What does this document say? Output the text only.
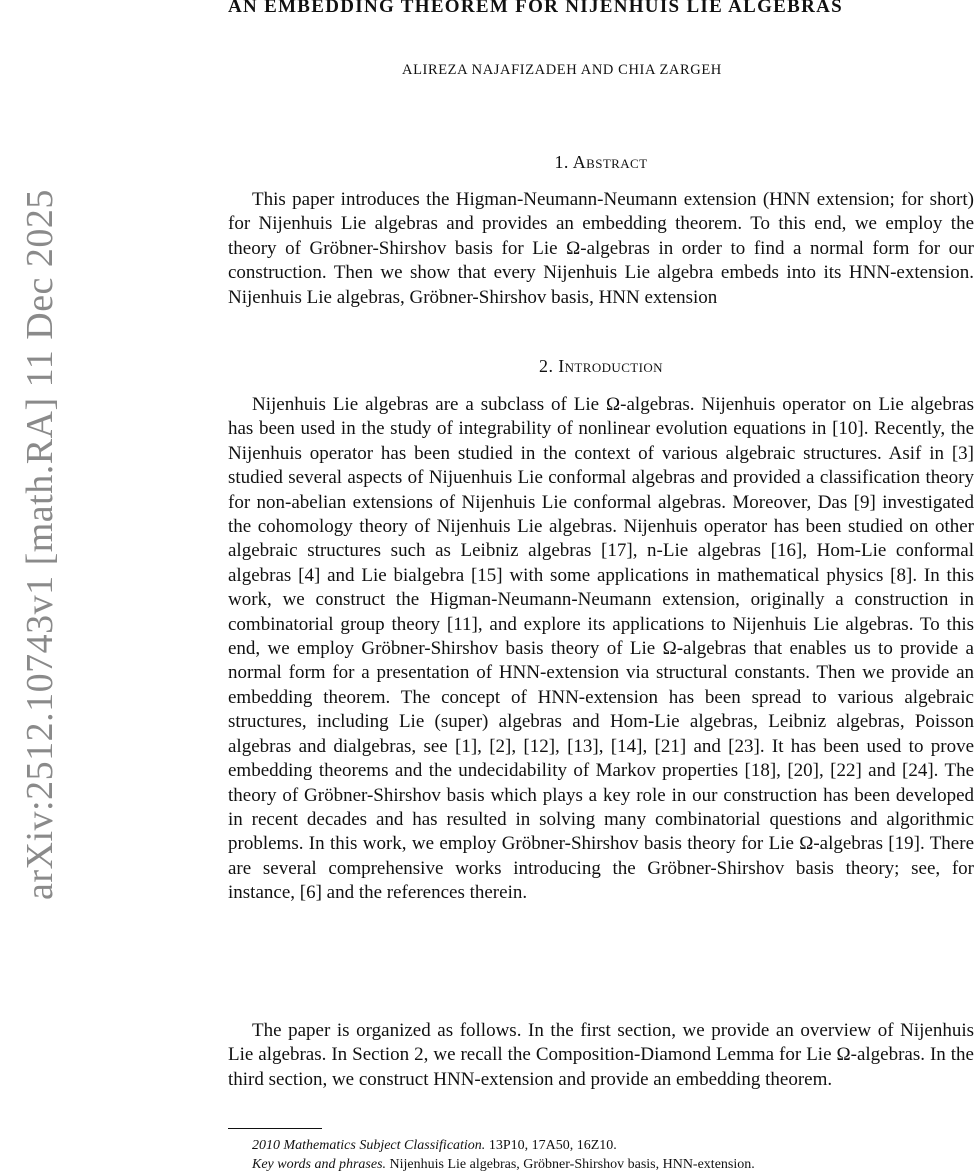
arXiv:2512.10743v1 [math.RA] 11 Dec 2025
AN EMBEDDING THEOREM FOR NIJENHUIS LIE ALGEBRAS
ALIREZA NAJAFIZADEH AND CHIA ZARGEH
1. Abstract

This paper introduces the Higman-Neumann-Neumann extension (HNN extension; for short) for Nijenhuis Lie algebras and provides an embedding theorem. To this end, we employ the theory of Gröbner-Shirshov basis for Lie Ω-algebras in order to find a normal form for our construction. Then we show that every Nijenhuis Lie algebra embeds into its HNN-extension. Nijenhuis Lie algebras, Gröbner-Shirshov basis, HNN extension

2. Introduction

Nijenhuis Lie algebras are a subclass of Lie Ω-algebras. Nijenhuis operator on Lie algebras has been used in the study of integrability of nonlinear evolution equations in [10]. Recently, the Nijenhuis operator has been studied in the context of various algebraic structures. Asif in [3] studied several aspects of Nijuenhuis Lie conformal algebras and provided a classification theory for non-abelian extensions of Nijenhuis Lie conformal algebras. Moreover, Das [9] investigated the cohomology theory of Nijenhuis Lie algebras. Nijenhuis operator has been studied on other algebraic structures such as Leibniz algebras [17], n-Lie algebras [16], Hom-Lie conformal algebras [4] and Lie bialgebra [15] with some applications in mathematical physics [8]. In this work, we construct the Higman-Neumann-Neumann extension, originally a construction in combinatorial group theory [11], and explore its applications to Nijenhuis Lie algebras. To this end, we employ Gröbner-Shirshov basis theory of Lie Ω-algebras that enables us to provide a normal form for a presentation of HNN-extension via structural constants. Then we provide an embedding theorem. The concept of HNN-extension has been spread to various algebraic structures, including Lie (super) algebras and Hom-Lie algebras, Leibniz algebras, Poisson algebras and dialgebras, see [1], [2], [12], [13], [14], [21] and [23]. It has been used to prove embedding theorems and the undecidability of Markov properties [18], [20], [22] and [24]. The theory of Gröbner-Shirshov basis which plays a key role in our construction has been developed in recent decades and has resulted in solving many combinatorial questions and algorithmic problems. In this work, we employ Gröbner-Shirshov basis theory for Lie Ω-algebras [19]. There are several comprehensive works introducing the Gröbner-Shirshov basis theory; see, for instance, [6] and the references therein.

The paper is organized as follows. In the first section, we provide an overview of Nijenhuis Lie algebras. In Section 2, we recall the Composition-Diamond Lemma for Lie Ω-algebras. In the third section, we construct HNN-extension and provide an embedding theorem.

2010 Mathematics Subject Classification. 13P10, 17A50, 16Z10.
Key words and phrases. Nijenhuis Lie algebras, Gröbner-Shirshov basis, HNN-extension.
